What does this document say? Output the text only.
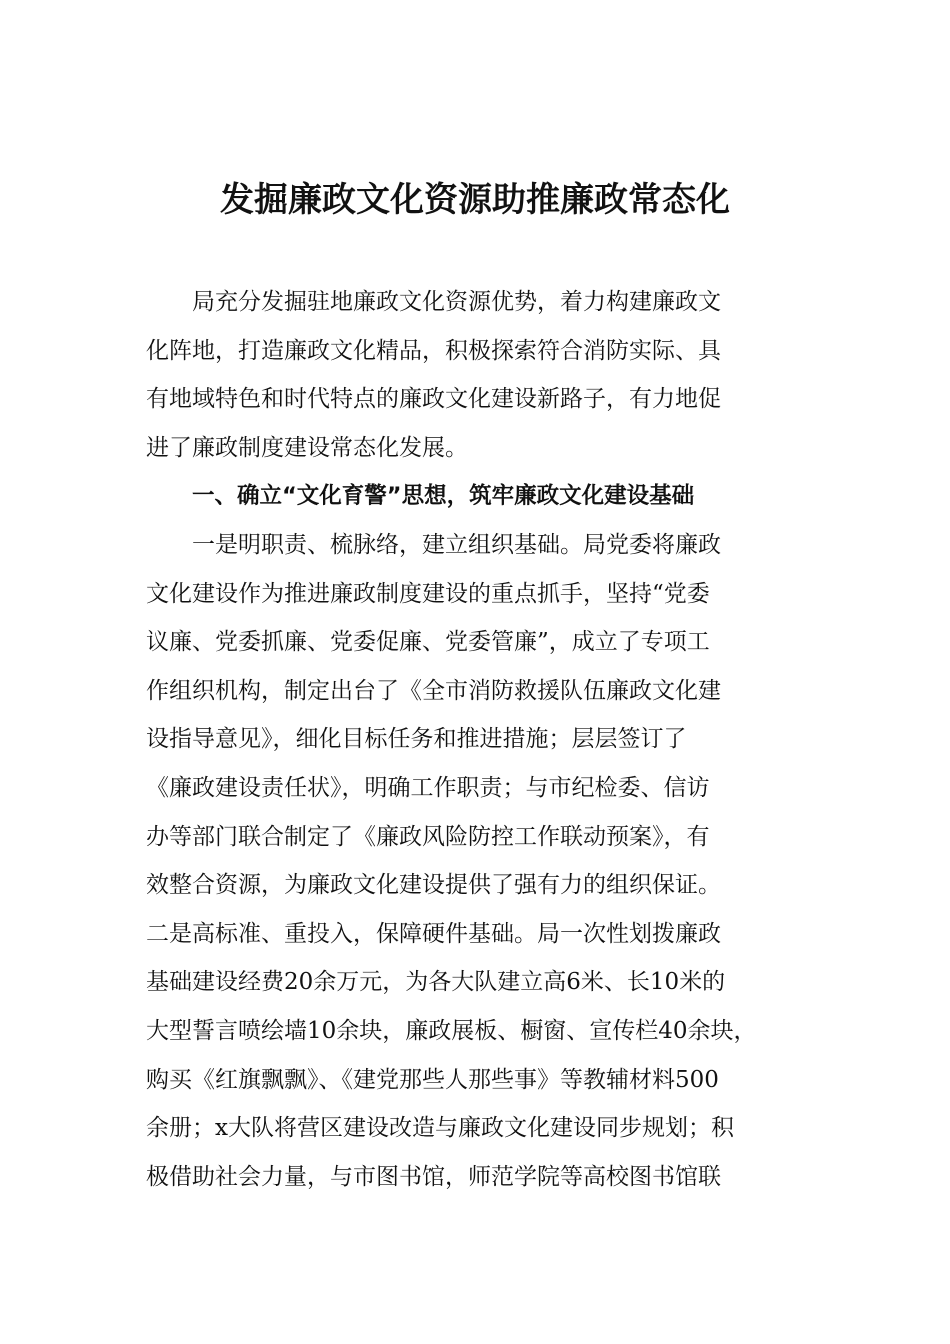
发掘廉政文化资源助推廉政常态化
局充分发掘驻地廉政文化资源优势，着力构建廉政文
化阵地，打造廉政文化精品，积极探索符合消防实际、具
有地域特色和时代特点的廉政文化建设新路子，有力地促
进了廉政制度建设常态化发展。
一、确立“文化育警”思想，筑牢廉政文化建设基础
一是明职责、梳脉络，建立组织基础。局党委将廉政
文化建设作为推进廉政制度建设的重点抓手，坚持“党委
议廉、党委抓廉、党委促廉、党委管廉”，成立了专项工
作组织机构，制定出台了《全市消防救援队伍廉政文化建
设指导意见》，细化目标任务和推进措施；层层签订了
《廉政建设责任状》，明确工作职责；与市纪检委、信访
办等部门联合制定了《廉政风险防控工作联动预案》，有
效整合资源，为廉政文化建设提供了强有力的组织保证。
二是高标准、重投入，保障硬件基础。局一次性划拨廉政
基础建设经费20余万元，为各大队建立高6米、长10米的
大型誓言喷绘墙10余块，廉政展板、橱窗、宣传栏40余块，
购买《红旗飘飘》、《建党那些人那些事》等教辅材料500
余册；x大队将营区建设改造与廉政文化建设同步规划；积
极借助社会力量，与市图书馆，师范学院等高校图书馆联
